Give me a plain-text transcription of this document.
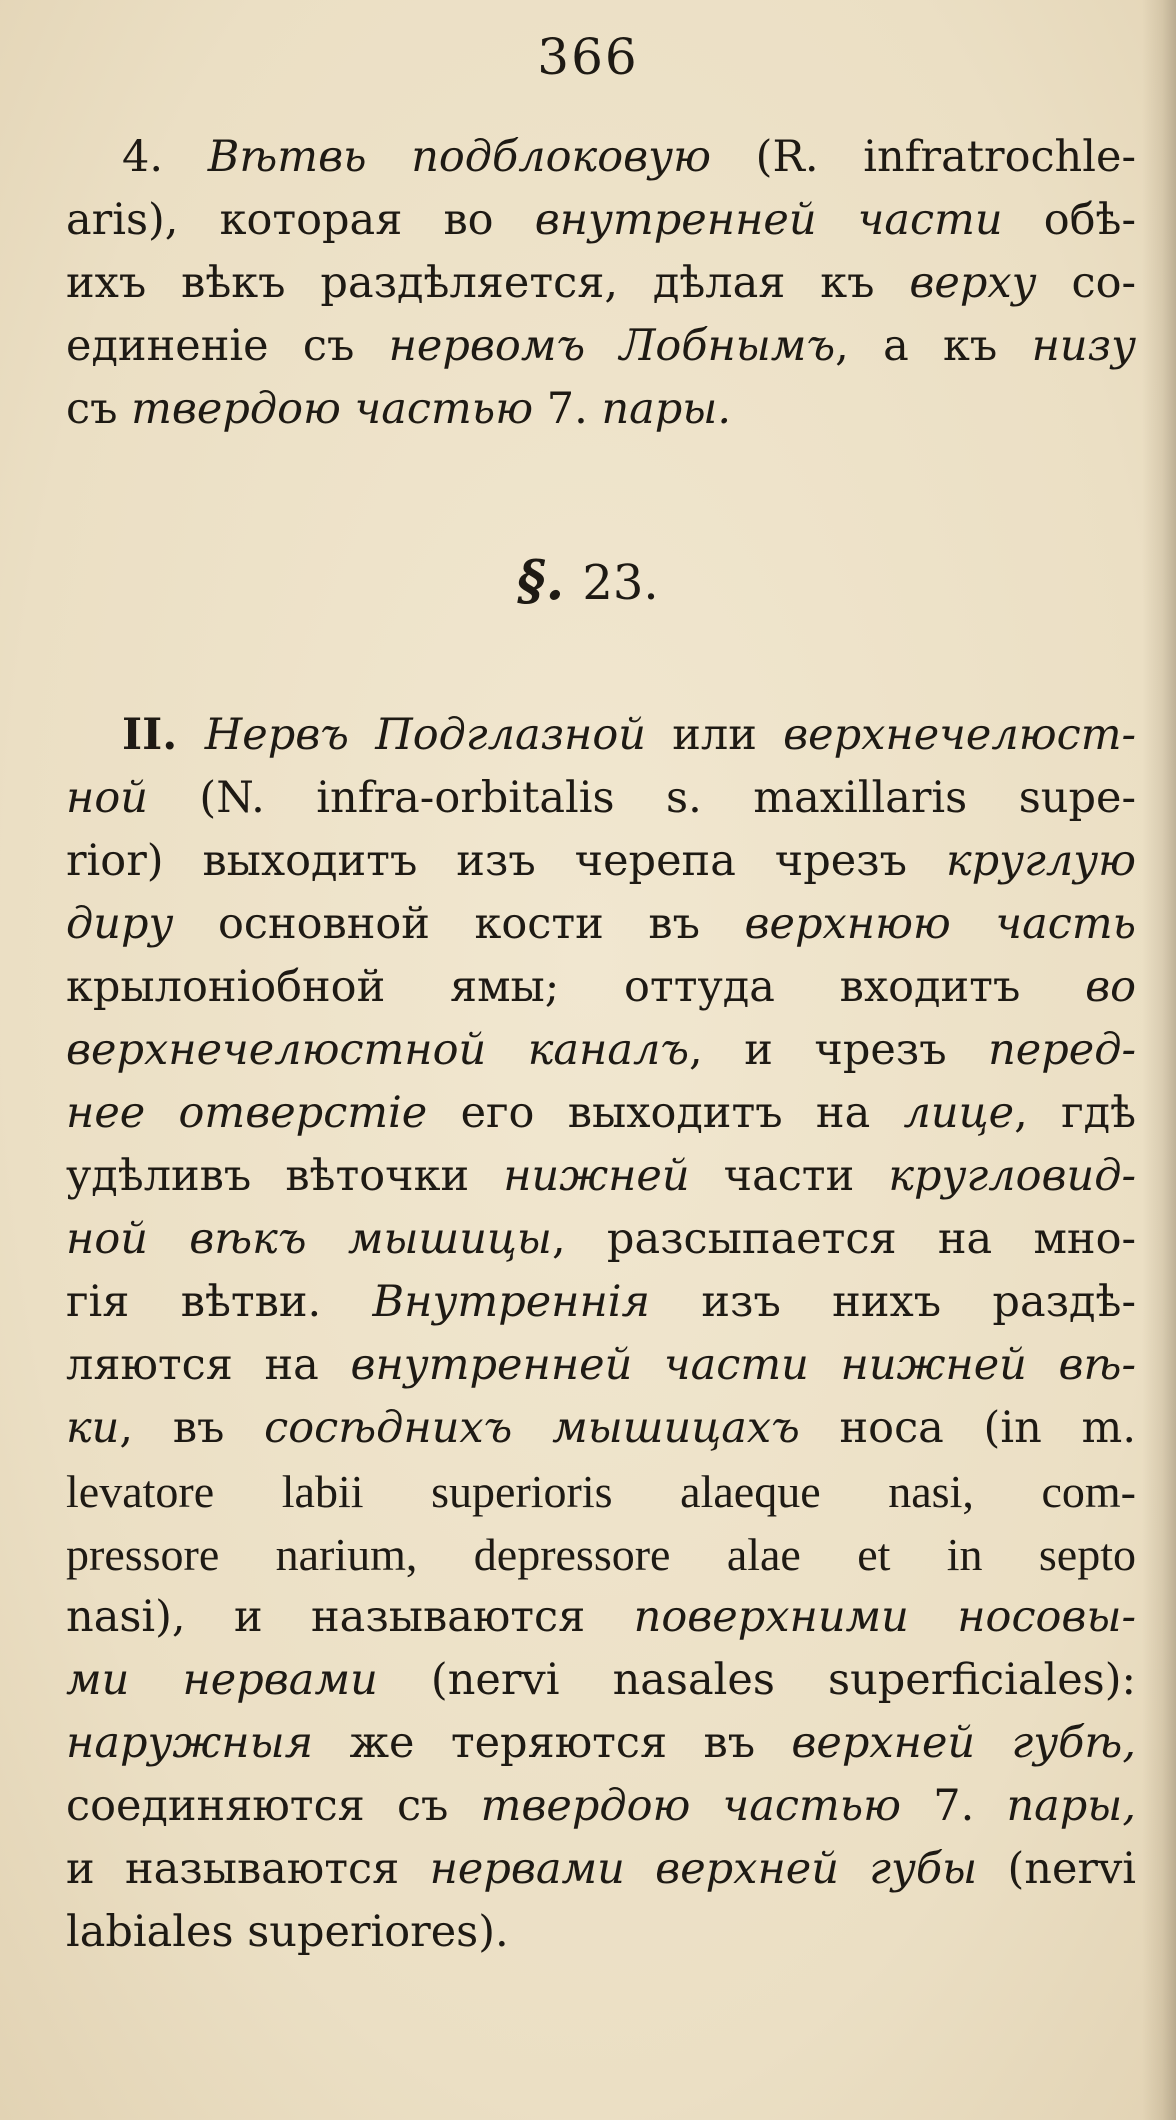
366
4. Вѣтвь подблоковую (R. infratrochle-
aris), которая во внутренней части обѣ-
ихъ вѣкъ раздѣляется, дѣлая къ верху со-
единеніе съ нервомъ Лобнымъ, а къ низу
съ твердою частью 7. пары.
§. 23.
II. Нервъ Подглазной или верхнечелюст-
ной (N. infra-orbitalis s. maxillaris supe-
rior) выходитъ изъ черепа чрезъ круглую
диру основной кости въ верхнюю часть
крылоніобной ямы; оттуда входитъ во
верхнечелюстной каналъ, и чрезъ перед-
нее отверстіе его выходитъ на лице, гдѣ
удѣливъ вѣточки нижней части кругловид-
ной вѣкъ мышицы, разсыпается на мно-
гія вѣтви. Внутреннія изъ нихъ раздѣ-
ляются на внутренней части нижней вѣ-
ки, въ сосѣднихъ мышицахъ носа (in m.
levatore labii superioris alaeque nasi, com-
pressore narium, depressore alae et in septo
nasi), и называются поверхними носовы-
ми нервами (nervi nasales superficiales):
наружныя же теряются въ верхней губѣ,
соединяются съ твердою частью 7. пары,
и называются нервами верхней губы (nervi
labiales superiores).
